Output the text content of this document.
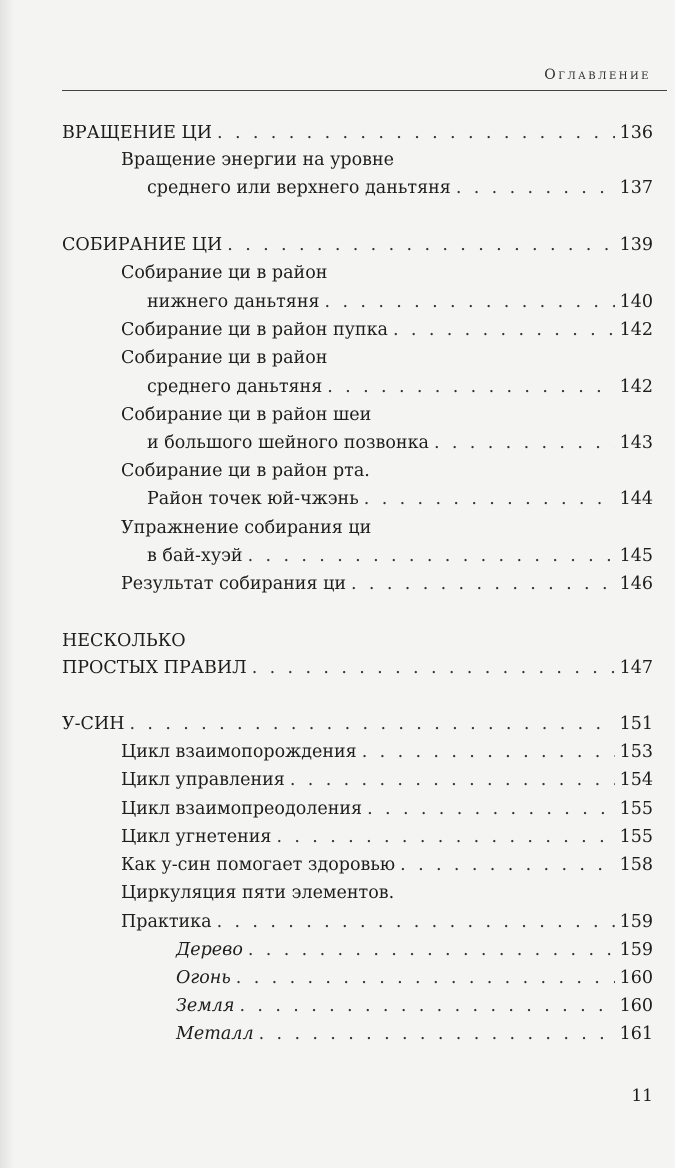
Оглавление
ВРАЩЕНИЕ ЦИ . . .	136
Вращение энергии на уровне
среднего или верхнего даньтяня . . .	137
СОБИРАНИЕ ЦИ . . .	139
Собирание ци в район
нижнего даньтяня . . .	140
Собирание ци в район пупка . . .	142
Собирание ци в район
среднего даньтяня . . .	142
Собирание ци в район шеи
и большого шейного позвонка . . .	143
Собирание ци в район рта.
Район точек юй-чжэнь . . .	144
Упражнение собирания ци
в бай-хуэй . . .	145
Результат собирания ци . . .	146
НЕСКОЛЬКО
ПРОСТЫХ ПРАВИЛ . . .	147
У-СИН . . .	151
Цикл взаимопорождения . . .	153
Цикл управления . . .	154
Цикл взаимопреодоления . . .	155
Цикл угнетения . . .	155
Как у-син помогает здоровью . . .	158
Циркуляция пяти элементов.
Практика . . .	159
Дерево . . .	159
Огонь . . .	160
Земля . . .	160
Металл . . .	161
11
